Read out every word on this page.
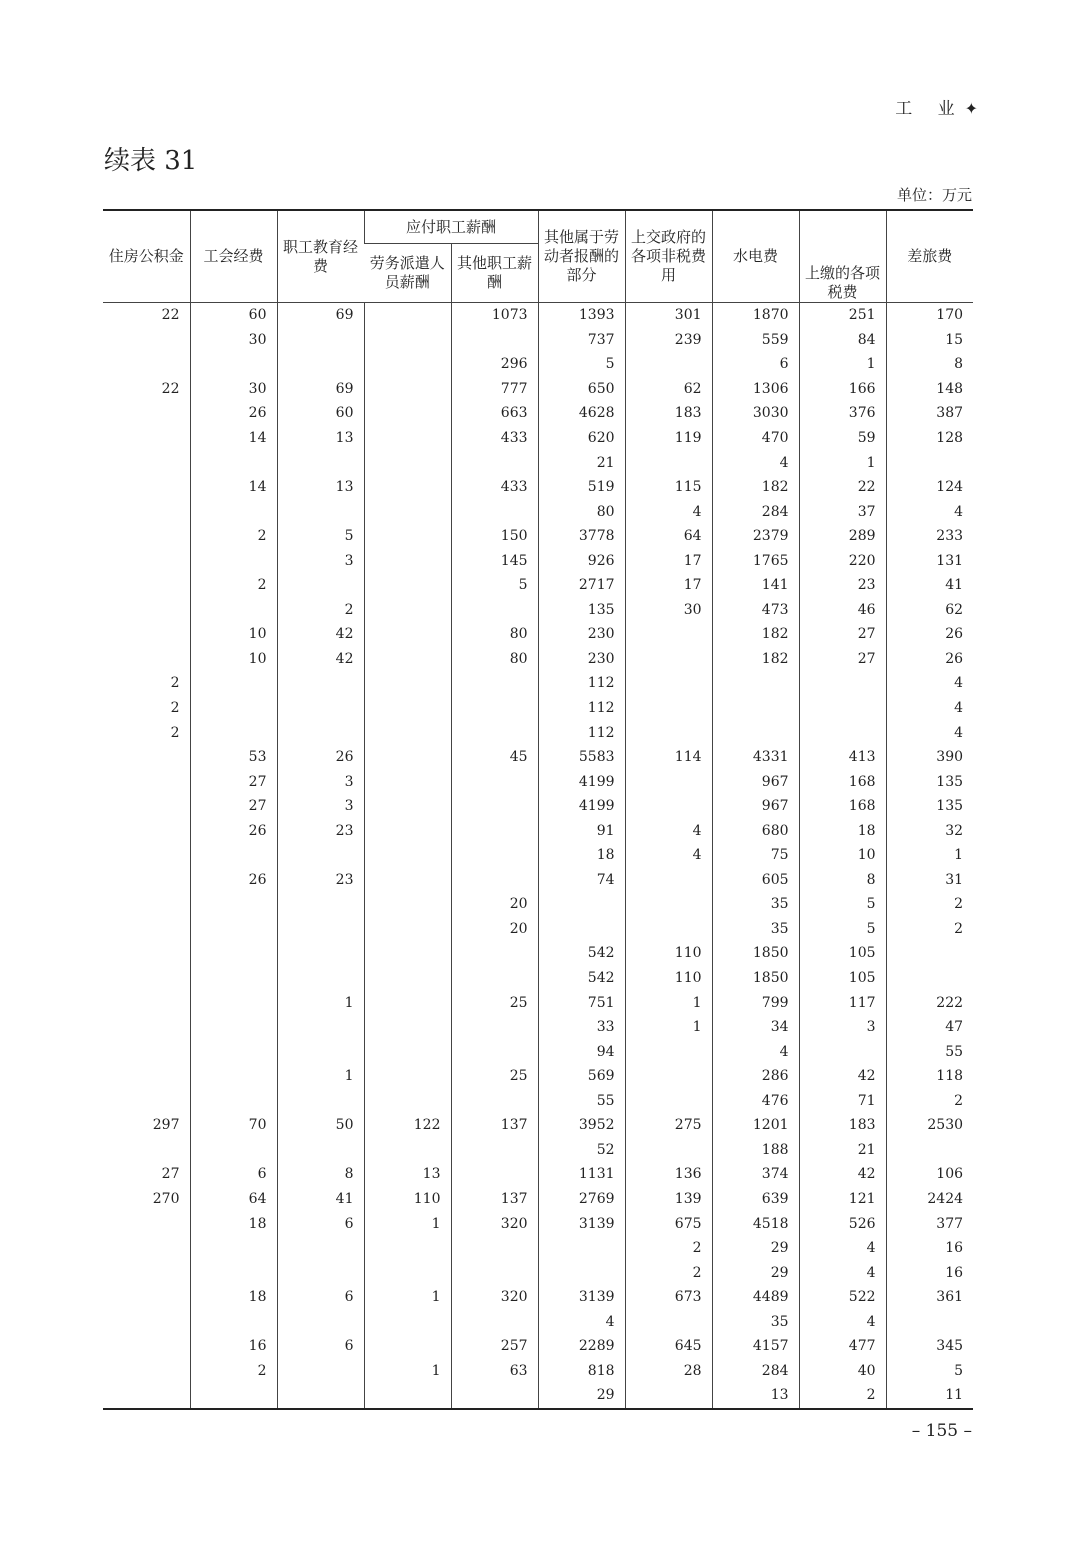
工 业✦
续表 31
单位：万元
住房公积金	工会经费	职工教育经费	应付职工薪酬		其他属于劳动者报酬的部分	上交政府的各项非税费用	水电费	上缴的各项税费	差旅费
			劳务派遣人员薪酬	其他职工薪酬					
22	60	69		1073	1393	301	1870	251	170
	30				737	239	559	84	15
				296	5		6	1	8
22	30	69		777	650	62	1306	166	148
	26	60		663	4628	183	3030	376	387
	14	13		433	620	119	470	59	128
					21		4	1	
	14	13		433	519	115	182	22	124
					80	4	284	37	4
	2	5		150	3778	64	2379	289	233
		3		145	926	17	1765	220	131
	2			5	2717	17	141	23	41
		2			135	30	473	46	62
	10	42		80	230		182	27	26
	10	42		80	230		182	27	26
2					112				4
2					112				4
2					112				4
	53	26		45	5583	114	4331	413	390
	27	3			4199		967	168	135
	27	3			4199		967	168	135
	26	23			91	4	680	18	32
					18	4	75	10	1
	26	23			74		605	8	31
				20			35	5	2
				20			35	5	2
					542	110	1850	105	
					542	110	1850	105	
		1		25	751	1	799	117	222
					33	1	34	3	47
					94		4		55
		1		25	569		286	42	118
					55		476	71	2
297	70	50	122	137	3952	275	1201	183	2530
					52		188	21	
27	6	8	13		1131	136	374	42	106
270	64	41	110	137	2769	139	639	121	2424
	18	6	1	320	3139	675	4518	526	377
						2	29	4	16
						2	29	4	16
	18	6	1	320	3139	673	4489	522	361
					4		35	4	
	16	6		257	2289	645	4157	477	345
	2		1	63	818	28	284	40	5
					29		13	2	11
– 155 –
